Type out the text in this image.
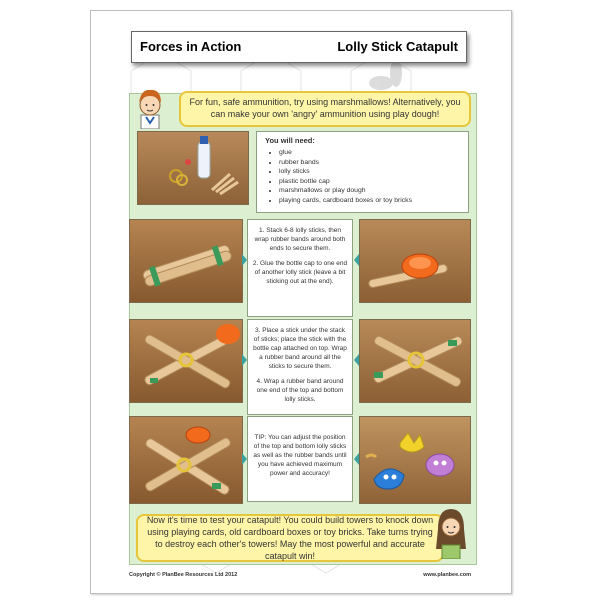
Forces in Action	Lolly Stick Catapult
For fun, safe ammunition, try using marshmallows! Alternatively, you can make your own 'angry' ammunition using play dough!
You will need:
• glue
• rubber bands
• lolly sticks
• plastic bottle cap
• marshmallows or play dough
• playing cards, cardboard boxes or toy bricks

1. Stack 6-8 lolly sticks, then wrap rubber bands around both ends to secure them.

2. Glue the bottle cap to one end of another lolly stick (leave a bit sticking out at the end).

3. Place a stick under the stack of sticks; place the stick with the bottle cap attached on top. Wrap a rubber band around all the sticks to secure them.

4. Wrap a rubber band around one end of the top and bottom lolly sticks.

TIP: You can adjust the position of the top and bottom lolly sticks as well as the rubber bands until you have achieved maximum power and accuracy!

Now it's time to test your catapult! You could build towers to knock down using playing cards, old cardboard boxes or toy bricks. Take turns trying to destroy each other's towers! May the most powerful and accurate catapult win!
Copyright © PlanBee Resources Ltd 2012	www.planbee.com
